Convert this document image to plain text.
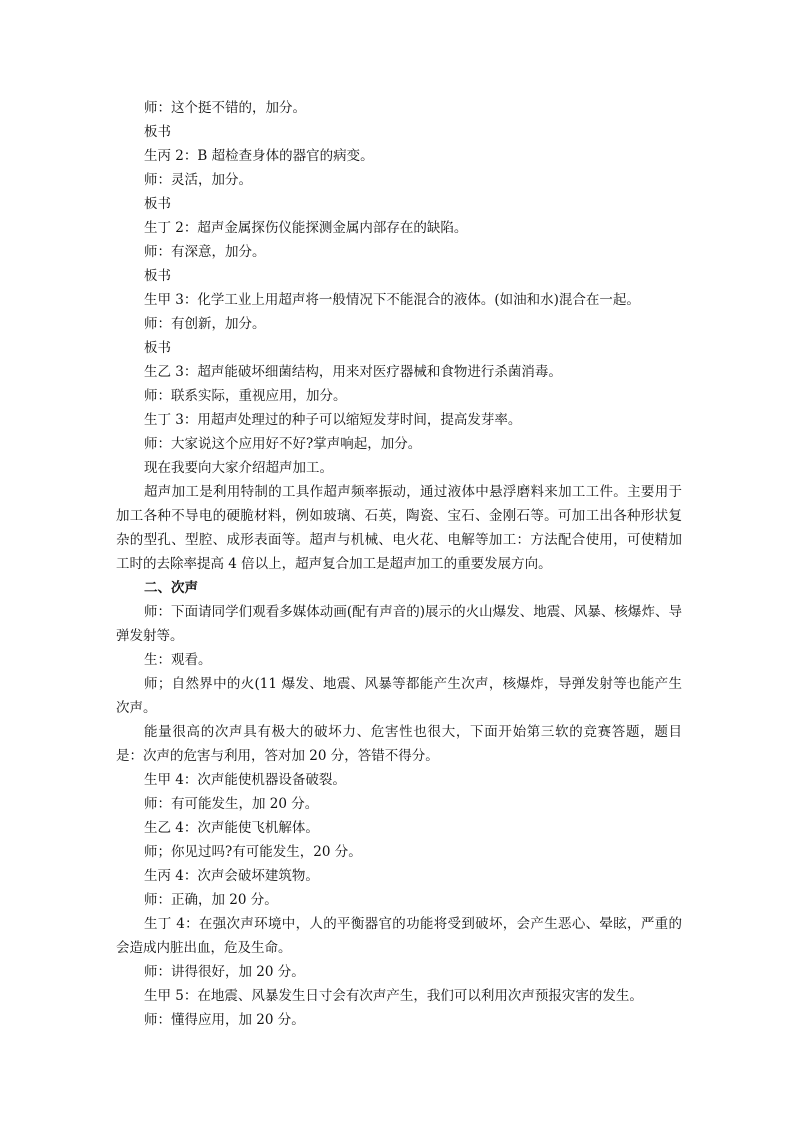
师：这个挺不错的，加分。
板书
生丙 2：B 超检查身体的器官的病变。
师：灵活，加分。
板书
生丁 2：超声金属探伤仪能探测金属内部存在的缺陷。
师：有深意，加分。
板书
生甲 3：化学工业上用超声将一般情况下不能混合的液体。(如油和水)混合在一起。
师：有创新，加分。
板书
生乙 3：超声能破坏细菌结构，用来对医疗器械和食物进行杀菌消毒。
师：联系实际，重视应用，加分。
生丁 3：用超声处理过的种子可以缩短发芽时间，提高发芽率。
师：大家说这个应用好不好?掌声响起，加分。
现在我要向大家介绍超声加工。
超声加工是利用特制的工具作超声频率振动，通过液体中悬浮磨料来加工工件。主要用于加工各种不导电的硬脆材料，例如玻璃、石英，陶瓷、宝石、金刚石等。可加工出各种形状复杂的型孔、型腔、成形表面等。超声与机械、电火花、电解等加工：方法配合使用，可使精加工时的去除率提高 4 倍以上，超声复合加工是超声加工的重要发展方向。
二、次声
师：下面请同学们观看多媒体动画(配有声音的)展示的火山爆发、地震、风暴、核爆炸、导弹发射等。
生：观看。
师；自然界中的火(11 爆发、地震、风暴等都能产生次声，核爆炸，导弹发射等也能产生次声。
能量很高的次声具有极大的破坏力、危害性也很大，下面开始第三软的竞赛答题，题目是：次声的危害与利用，答对加 20 分，答错不得分。
生甲 4：次声能使机器设备破裂。
师：有可能发生，加 20 分。
生乙 4：次声能使飞机解体。
师；你见过吗?有可能发生，20 分。
生丙 4：次声会破坏建筑物。
师：正确，加 20 分。
生丁 4：在强次声环境中，人的平衡器官的功能将受到破坏，会产生恶心、晕眩，严重的会造成内脏出血，危及生命。
师：讲得很好，加 20 分。
生甲 5：在地震、风暴发生日寸会有次声产生，我们可以利用次声预报灾害的发生。
师：懂得应用，加 20 分。
